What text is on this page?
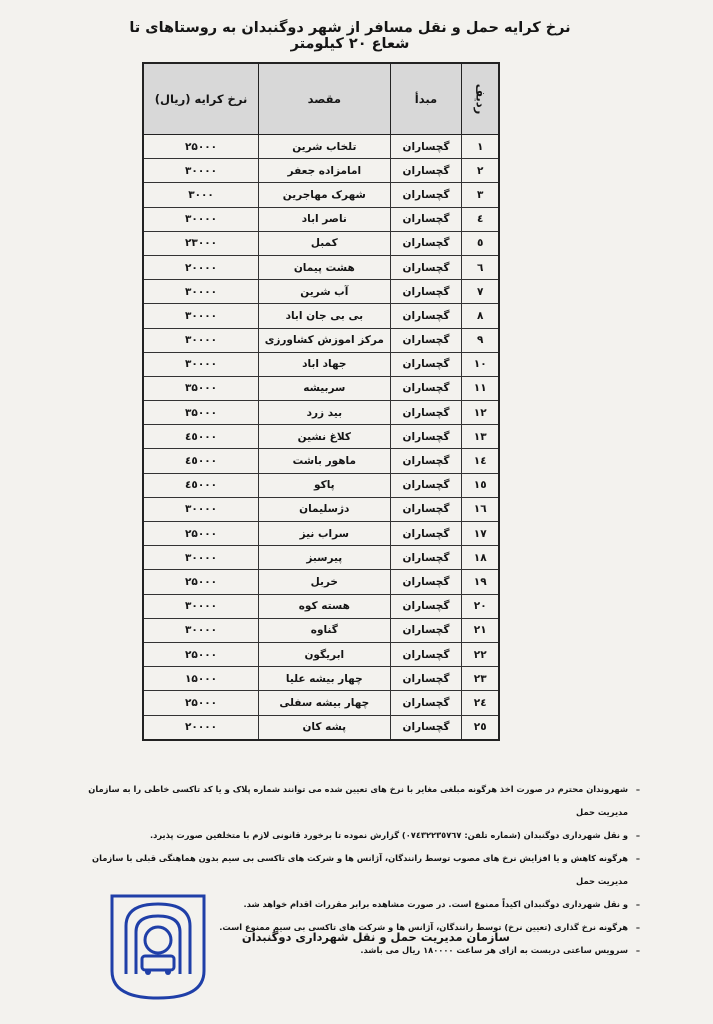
نرخ کرایه حمل و نقل مسافر از شهر دوگنبدان به روستاهای تا شعاع ۲۰ کیلومتر
ردیف	مبدأ	مقصد	نرخ کرایه (ریال)
۱	گچساران	تلخاب شرین	۲۵۰۰۰
۲	گچساران	امامزاده جعفر	۳۰۰۰۰
۳	گچساران	شهرک مهاجرین	۳۰۰۰
٤	گچساران	ناصر اباد	۳۰۰۰۰
٥	گچساران	کمبل	۲۳۰۰۰
٦	گچساران	هشت پیمان	۲۰۰۰۰
۷	گچساران	آب شرین	۳۰۰۰۰
۸	گچساران	بی بی جان اباد	۳۰۰۰۰
۹	گچساران	مرکز اموزش کشاورزی	۳۰۰۰۰
۱۰	گچساران	جهاد اباد	۳۰۰۰۰
۱۱	گچساران	سربیشه	۳۵۰۰۰
۱۲	گچساران	بید زرد	۳۵۰۰۰
۱۳	گچساران	کلاغ نشین	٤٥۰۰۰
۱٤	گچساران	ماهور باشت	٤٥۰۰۰
۱٥	گچساران	پاکو	٤٥۰۰۰
۱٦	گچساران	دژسلیمان	۳۰۰۰۰
۱۷	گچساران	سراب نیز	۲۵۰۰۰
۱۸	گچساران	پیرسبز	۳۰۰۰۰
۱۹	گچساران	خربل	۲۵۰۰۰
۲۰	گچساران	هسته کوه	۳۰۰۰۰
۲۱	گچساران	گناوه	۳۰۰۰۰
۲۲	گچساران	ابریگون	۲۵۰۰۰
۲۳	گچساران	چهار بیشه علیا	۱۵۰۰۰
۲٤	گچساران	چهار بیشه سفلی	۲۵۰۰۰
۲٥	گچساران	پشه کان	۲۰۰۰۰
– شهروندان محترم در صورت اخذ هرگونه مبلغی مغایر با نرخ های تعیین شده می توانند شماره پلاک و یا کد تاکسی خاطی را به سازمان مدیریت حمل
– و نقل شهرداری دوگنبدان (شماره تلفن: ۰۷٤۳۲۲۳٥۷٦۷) گزارش نموده تا برخورد قانونی لازم با متخلفین صورت پذیرد.
– هرگونه کاهش و یا افزایش نرخ های مصوب توسط رانندگان، آژانس ها و شرکت های تاکسی بی سیم بدون هماهنگی قبلی با سازمان مدیریت حمل
– و نقل شهرداری دوگنبدان اکیداً ممنوع است. در صورت مشاهده برابر مقررات اقدام خواهد شد.
– هرگونه نرخ گذاری (تعیین نرخ) توسط رانندگان، آژانس ها و شرکت های تاکسی بی سیم ممنوع است.
– سرویس ساعتی دربست به ازای هر ساعت ۱۸۰۰۰۰ ریال می باشد.
سازمان مدیریت حمل و نقل شهرداری دوگنبدان
